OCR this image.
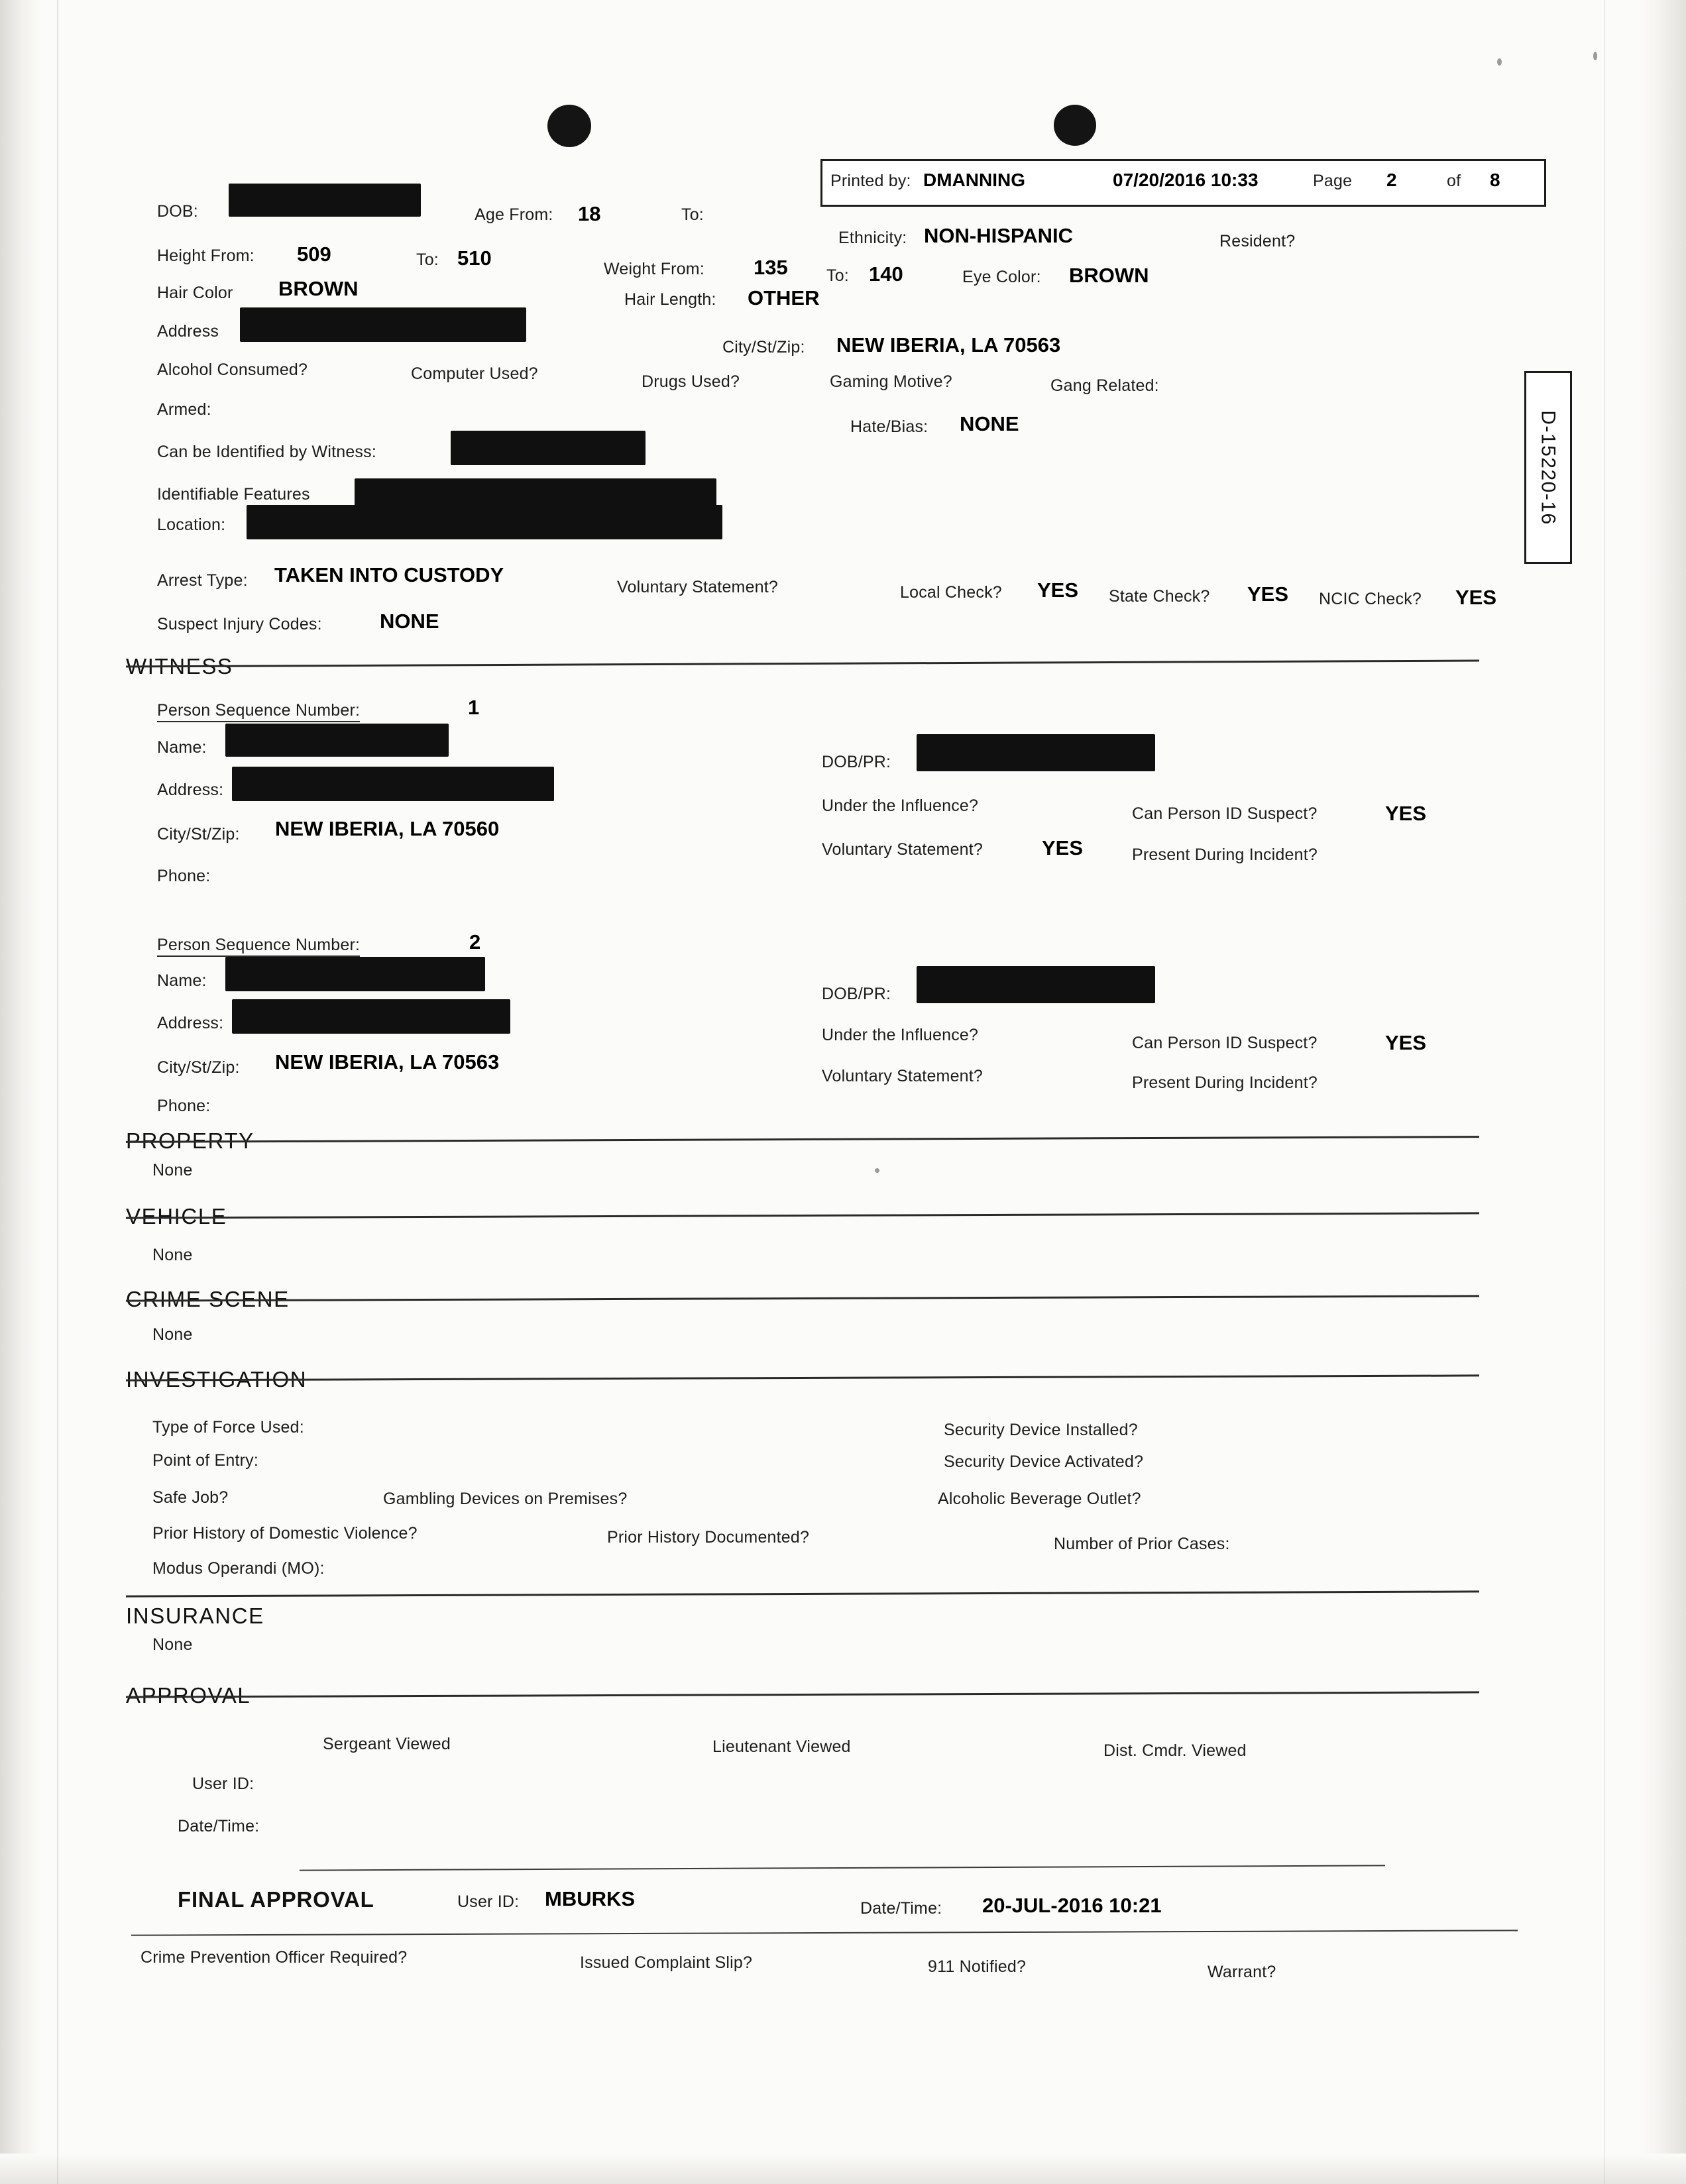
Printed by: DMANNING	07/20/2016 10:33	Page 2	of 8
D-15220-16
DOB:	Age From: 18	To:
Ethnicity: NON-HISPANIC	Resident?
Height From: 509	To: 510	Weight From: 135 To: 140	Eye Color: BROWN
Hair Color BROWN	Hair Length: OTHER
Address
City/St/Zip: NEW IBERIA, LA 70563
Alcohol Consumed?	Computer Used?	Drugs Used?	Gaming Motive?	Gang Related:
Armed:
Hate/Bias: NONE
Can be Identified by Witness:
Identifiable Features
Location:
Arrest Type: TAKEN INTO CUSTODY
Voluntary Statement?	Local Check? YES State Check? YES NCIC Check? YES
Suspect Injury Codes:	NONE
WITNESS
Person Sequence Number:	1
Name:
DOB/PR:
Address:
Under the Influence?	Can Person ID Suspect?	YES
City/St/Zip: NEW IBERIA, LA 70560
Voluntary Statement?	YES	Present During Incident?
Phone:
Person Sequence Number:	2
Name:
DOB/PR:
Address:
Under the Influence?	Can Person ID Suspect?	YES
City/St/Zip: NEW IBERIA, LA 70563
Voluntary Statement?	Present During Incident?
Phone:
PROPERTY
None
VEHICLE
None
CRIME SCENE
None
INVESTIGATION
Type of Force Used:	Security Device Installed?
Point of Entry:	Security Device Activated?
Safe Job?	Gambling Devices on Premises?	Alcoholic Beverage Outlet?
Prior History of Domestic Violence?	Prior History Documented?	Number of Prior Cases:
Modus Operandi (MO):
INSURANCE
None
APPROVAL
Sergeant Viewed	Lieutenant Viewed	Dist. Cmdr. Viewed
User ID:
Date/Time:
FINAL APPROVAL	User ID: MBURKS	Date/Time: 20-JUL-2016 10:21
Crime Prevention Officer Required?	Issued Complaint Slip?	911 Notified?	Warrant?
